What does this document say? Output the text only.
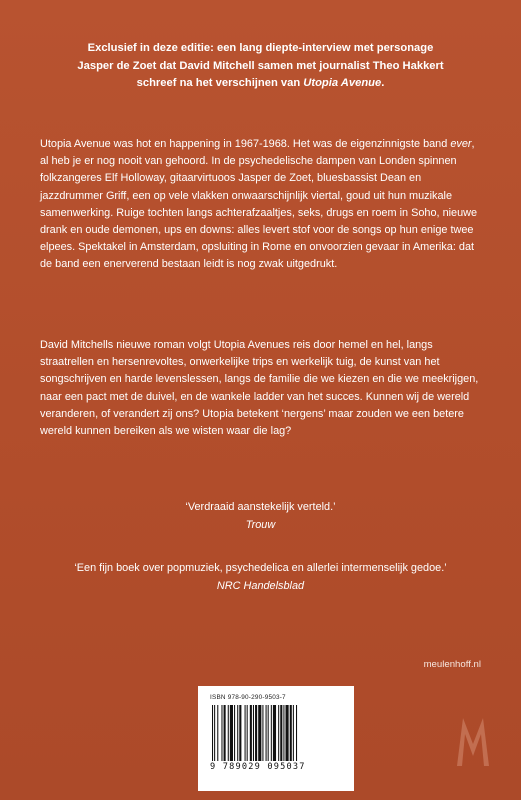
Exclusief in deze editie: een lang diepte-interview met personage
Jasper de Zoet dat David Mitchell samen met journalist Theo Hakkert
schreef na het verschijnen van Utopia Avenue.
Utopia Avenue was hot en happening in 1967-1968. Het was de eigenzinnigste band ever, al heb je er nog nooit van gehoord. In de psychedelische dampen van Londen spinnen folkzangeres Elf Holloway, gitaarvirtuoos Jasper de Zoet, bluesbassist Dean en jazzdrummer Griff, een op vele vlakken onwaarschijnlijk viertal, goud uit hun muzikale samenwerking. Ruige tochten langs achterafzaaltjes, seks, drugs en roem in Soho, nieuwe drank en oude demonen, ups en downs: alles levert stof voor de songs op hun enige twee elpees. Spektakel in Amsterdam, opsluiting in Rome en onvoorzien gevaar in Amerika: dat de band een enerverend bestaan leidt is nog zwak uitgedrukt.
David Mitchells nieuwe roman volgt Utopia Avenues reis door hemel en hel, langs straatrellen en hersenrevoltes, onwerkelijke trips en werkelijk tuig, de kunst van het songschrijven en harde levenslessen, langs de familie die we kiezen en die we meekrijgen, naar een pact met de duivel, en de wankele ladder van het succes. Kunnen wij de wereld veranderen, of verandert zij ons? Utopia betekent ‘nergens’ maar zouden we een betere wereld kunnen bereiken als we wisten waar die lag?
‘Verdraaid aanstekelijk verteld.’
Trouw
‘Een fijn boek over popmuziek, psychedelica en allerlei intermenselijk gedoe.’
NRC Handelsblad
meulenhoff.nl
ISBN 978-90-290-9503-7
9 789029 095037
